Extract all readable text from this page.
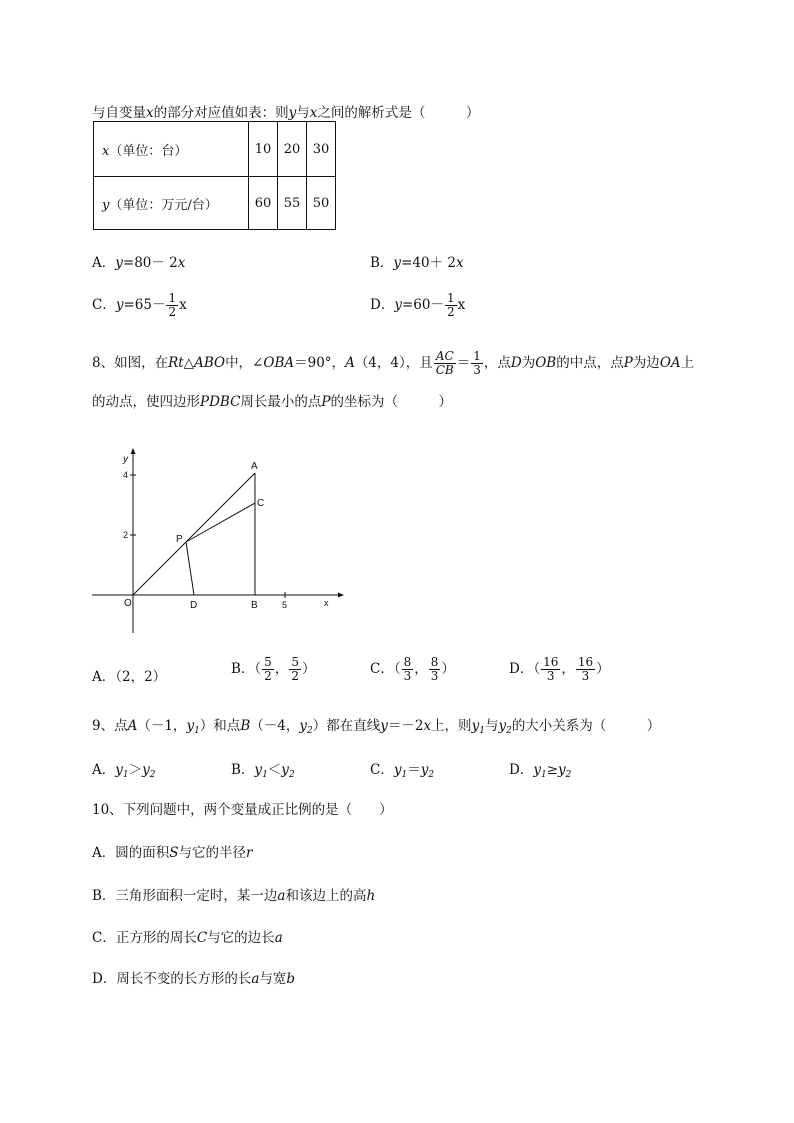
与自变量x的部分对应值如表：则y与x之间的解析式是（　　　）
x（单位：台）	10	20	30
y（单位：万元/台）	60	55	50
A．y=80－ 2x	B．y=40＋ 2x
C．$y=65- \frac{1}{2}$ x	D．$y=60- \frac{1}{2}$ x
8、如图，在Rt△ABO中，∠OBA＝90°，A（4，4），且 $\frac{AC}{CB} = \frac{1}{3}$ ，点D为OB的中点，点P为边OA上
的动点，使四边形PDBC周长最小的点P的坐标为（　　　）
y
x
4
2
5
O	D	B
P
A
C
A．（2，2）	B．（ $\frac{5}{2}$ ， $\frac{5}{2}$ ）	C．（ $\frac{8}{3}$ ， $\frac{8}{3}$ ）	D．（ $\frac{16}{3}$ ， $\frac{16}{3}$ ）
9、点A（－1，$y_1$）和点B（－4，$y_2$）都在直线y＝－2x上，则$y_1$与$y_2$的大小关系为（　　　）
A．$y_1>y_2$	B．$y_1<y_2$	C．$y_1=y_2$	D．$y_1\ge y_2$
10、下列问题中，两个变量成正比例的是（　　）
A．圆的面积S与它的半径r
B．三角形面积一定时，某一边a和该边上的高h
C．正方形的周长C与它的边长a
D．周长不变的长方形的长a与宽b
